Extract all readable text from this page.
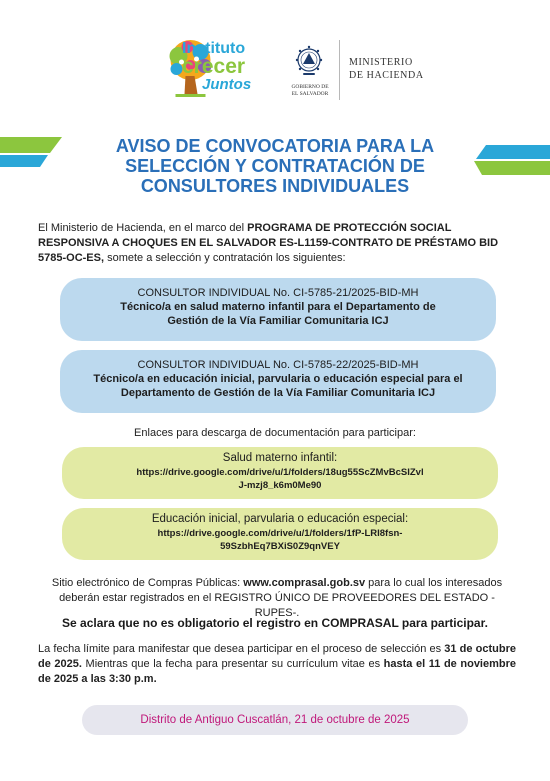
Instituto
crecer
Juntos	GOBIERNO DE
EL SALVADOR
MINISTERIO
DE HACIENDA
AVISO DE CONVOCATORIA PARA LA
SELECCIÓN Y CONTRATACIÓN DE
CONSULTORES INDIVIDUALES
El Ministerio de Hacienda, en el marco del PROGRAMA DE PROTECCIÓN SOCIAL RESPONSIVA A CHOQUES EN EL SALVADOR ES-L1159-CONTRATO DE PRÉSTAMO BID 5785-OC-ES, somete a selección y contratación los siguientes:
CONSULTOR INDIVIDUAL No. CI-5785-21/2025-BID-MH
Técnico/a en salud materno infantil para el Departamento de Gestión de la Vía Familiar Comunitaria ICJ
CONSULTOR INDIVIDUAL No. CI-5785-22/2025-BID-MH
Técnico/a en educación inicial, parvularia o educación especial para el Departamento de Gestión de la Vía Familiar Comunitaria ICJ
Enlaces para descarga de documentación para participar:
Salud materno infantil:
https://drive.google.com/drive/u/1/folders/18ug55ScZMvBcSIZvl
J-mzj8_k6m0Me90
Educación inicial, parvularia o educación especial:
https://drive.google.com/drive/u/1/folders/1fP-LRI8fsn-
59SzbhEq7BXiS0Z9qnVEY
Sitio electrónico de Compras Públicas: www.comprasal.gob.sv para lo cual los interesados deberán estar registrados en el REGISTRO ÚNICO DE PROVEEDORES DEL ESTADO -RUPES-.
Se aclara que no es obligatorio el registro en COMPRASAL para participar.
La fecha límite para manifestar que desea participar en el proceso de selección es 31 de octubre de 2025. Mientras que la fecha para presentar su currículum vitae es hasta el 11 de noviembre de 2025 a las 3:30 p.m.
Distrito de Antiguo Cuscatlán, 21 de octubre de 2025
